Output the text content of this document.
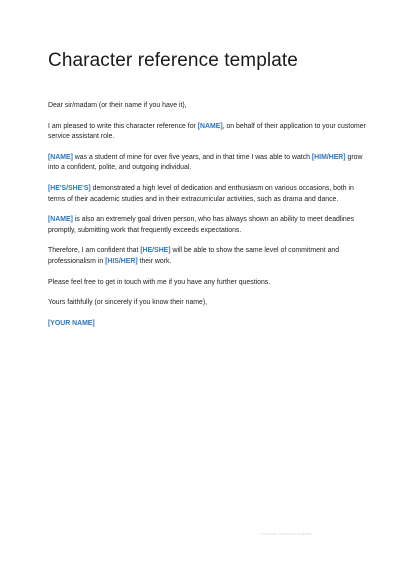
Character reference template

Dear sir/madam (or their name if you have it),

I am pleased to write this character reference for [NAME], on behalf of their application to your customer service assistant role.

[NAME] was a student of mine for over five years, and in that time I was able to watch [HIM/HER] grow into a confident, polite, and outgoing individual.

[HE'S/SHE'S] demonstrated a high level of dedication and enthusiasm on various occasions, both in terms of their academic studies and in their extracurricular activities, such as drama and dance.

[NAME] is also an extremely goal driven person, who has always shown an ability to meet deadlines promptly, submitting work that frequently exceeds expectations.

Therefore, I am confident that [HE/SHE] will be able to show the same level of commitment and professionalism in [HIS/HER] their work.

Please feel free to get in touch with me if you have any further questions.

Yours faithfully (or sincerely if you know their name),

[YOUR NAME]

Character reference template
